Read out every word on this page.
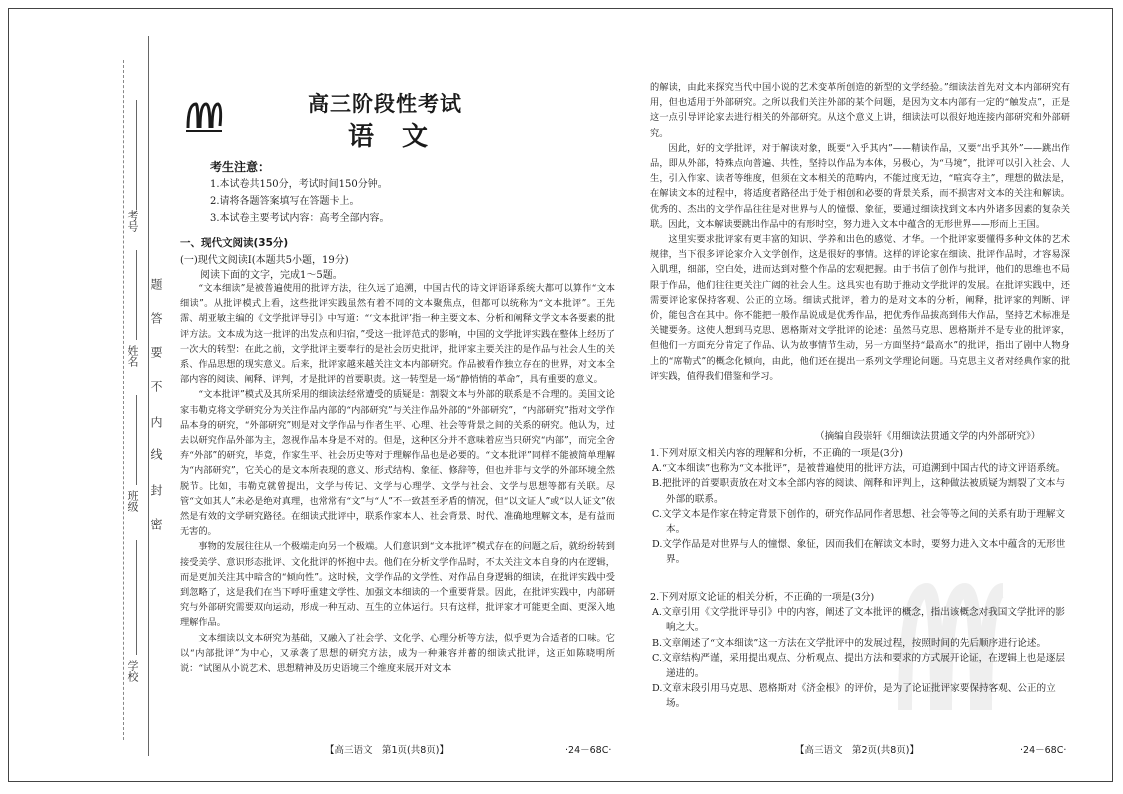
考号
姓名
班级
学校
题
答
要
不
内
线
封
密
高三阶段性考试
语文
考生注意：
1.本试卷共150分，考试时间150分钟。
2.请将各题答案填写在答题卡上。
3.本试卷主要考试内容：高考全部内容。
一、现代文阅读(35分)
(一)现代文阅读Ⅰ(本题共5小题，19分)
阅读下面的文字，完成1～5题。

“文本细读”是被普遍使用的批评方法，往久远了追溯，中国古代的诗文评语译系统大都可以算作“文本细读”。从批评模式上看，这些批评实践虽然有着不同的文本聚焦点，但都可以统称为“文本批评”。王先霈、胡亚敏主编的《文学批评导引》中写道：“‘文本批评’指一种主要文本、分析和阐释文学文本各要素的批评方法。文本成为这一批评的出发点和归宿，”受这一批评范式的影响，中国的文学批评实践在整体上经历了一次大的转型：在此之前，文学批评主要奉行的是社会历史批评，批评家主要关注的是作品与社会人生的关系、作品思想的现实意义。后来，批评家越来越关注文本内部研究。作品被看作独立存在的世界，对文本全部内容的阅读、阐释、评判，才是批评的首要职责。这一转型是一场“静悄悄的革命”，具有重要的意义。

“文本批评”模式及其所采用的细读法经常遭受的质疑是：割裂文本与外部的联系是不合理的。美国文论家韦勒克将文学研究分为关注作品内部的“内部研究”与关注作品外部的“外部研究”，“内部研究”指对文学作品本身的研究，“外部研究”则是对文学作品与作者生平、心理、社会等背景之间的关系的研究。他认为，过去以研究作品外部为主，忽视作品本身是不对的。但是，这种区分并不意味着应当只研究“内部”，而完全舍弃“外部”的研究，毕竟，作家生平、社会历史等对于理解作品也是必要的。“文本批评”同样不能被简单理解为“内部研究”，它关心的是文本所表现的意义、形式结构、象征、修辞等，但也并非与文学的外部环境全然脱节。比如，韦勒克就曾提出，文学与传记、文学与心理学、文学与社会、文学与思想等都有关联。尽管“文如其人”未必是绝对真理，也常常有“文”与“人”不一致甚至矛盾的情况，但“以文证人”或“以人证文”依然是有效的文学研究路径。在细读式批评中，联系作家本人、社会背景、时代、准确地理解文本，是有益而无害的。

事物的发展往往从一个极端走向另一个极端。人们意识到“文本批评”模式存在的问题之后，就纷纷转到接受美学、意识形态批评、文化批评的怀抱中去。他们在分析文学作品时，不太关注文本自身的内在逻辑，而是更加关注其中暗含的“倾向性”。这时候，文学作品的文学性、对作品自身逻辑的细读，在批评实践中受到忽略了，这是我们在当下呼吁重建文学性、加强文本细读的一个重要背景。因此，在批评实践中，内部研究与外部研究需要双向运动，形成一种互动、互生的立体运行。只有这样，批评家才可能更全面、更深入地理解作品。

文本细读以文本研究为基础，又融入了社会学、文化学、心理分析等方法，似乎更为合适者的口味。它以“内部批评”为中心，又承袭了思想的研究方法，成为一种兼容并蓄的细读式批评，这正如陈晓明所说：“试图从小说艺术、思想精神及历史语境三个维度来展开对文本

的解读，由此来探究当代中国小说的艺术变革所创造的新型的文学经验。”细读法首先对文本内部研究有用，但也适用于外部研究。之所以我们关注外部的某个问题，是因为文本内部有一定的“触发点”，正是这一点引导评论家去进行相关的外部研究。从这个意义上讲，细读法可以很好地连接内部研究和外部研究。

因此，好的文学批评，对于解读对象，既要“入乎其内”——精读作品，又要“出乎其外”——跳出作品，即从外部，特殊点向普遍、共性，坚持以作品为本体，另极心，为“马境”，批评可以引入社会、人生，引入作家、读者等维度，但须在文本相关的范畴内，不能过度无边，“喧宾夺主”，理想的做法是，在解读文本的过程中，将适度者路径出于处于相创和必要的背景关系，而不损害对文本的关注和解读。优秀的、杰出的文学作品往往是对世界与人的憧憬、象征，要通过细读找到文本内外诸多因素的复杂关联。因此，文本解读要跳出作品中的有形时空，努力进入文本中蕴含的无形世界——形而上王国。

这里实要求批评家有更丰富的知识、学养和出色的感觉、才华。一个批评家要懂得多种文体的艺术规律，当下很多评论家介入文学创作，这是很好的事情。这样的评论家在细读、批评作品时，才容易深入肌理，细部，空白处，进而达到对整个作品的宏观把握。由于书信了创作与批评，他们的思维也不局限于作品，他们往往更关注广阔的社会人生。这具实也有助于推动文学批评的发展。在批评实践中，还需要评论家保持客观、公正的立场。细读式批评，着力的是对文本的分析，阐释，批评家的判断、评价，能包含在其中。你不能把一般作品说成是优秀作品，把优秀作品拔高到伟大作品，坚持艺术标准是关键要务。这使人想到马克思、恩格斯对文学批评的论述：虽然马克思、恩格斯并不是专业的批评家，但他们一方面充分肯定了作品、认为故事情节生动，另一方面坚持“最高水”的批评，指出了剧中人物身上的“席勒式”的概念化倾向，由此，他们还在提出一系列文学理论问题。马克思主义者对经典作家的批评实践，值得我们借鉴和学习。

（摘编自段崇轩《用细读法贯通文学的内外部研究》）

1.下列对原文相关内容的理解和分析，不正确的一项是(3分)

A.“文本细读”也称为“文本批评”，是被普遍使用的批评方法，可追溯到中国古代的诗文评语系统。

B.把批评的首要职责放在对文本全部内容的阅读、阐释和评判上，这种做法被质疑为割裂了文本与外部的联系。

C.文学文本是作家在特定背景下创作的，研究作品同作者思想、社会等等之间的关系有助于理解文本。

D.文学作品是对世界与人的憧憬、象征，因而我们在解读文本时，要努力进入文本中蕴含的无形世界。

2.下列对原文论证的相关分析，不正确的一项是(3分)

A.文章引用《文学批评导引》中的内容，阐述了文本批评的概念，指出该概念对我国文学批评的影响之大。

B.文章阐述了“文本细读”这一方法在文学批评中的发展过程，按照时间的先后顺序进行论述。

C.文章结构严谨，采用提出观点、分析观点、提出方法和要求的方式展开论证，在逻辑上也是逐层递进的。

D.文章末段引用马克思、恩格斯对《济金根》的评价，是为了论证批评家要保持客观、公正的立场。

【高三语文　第1页(共8页)】	·24－68C·	【高三语文　第2页(共8页)】	·24－68C·
